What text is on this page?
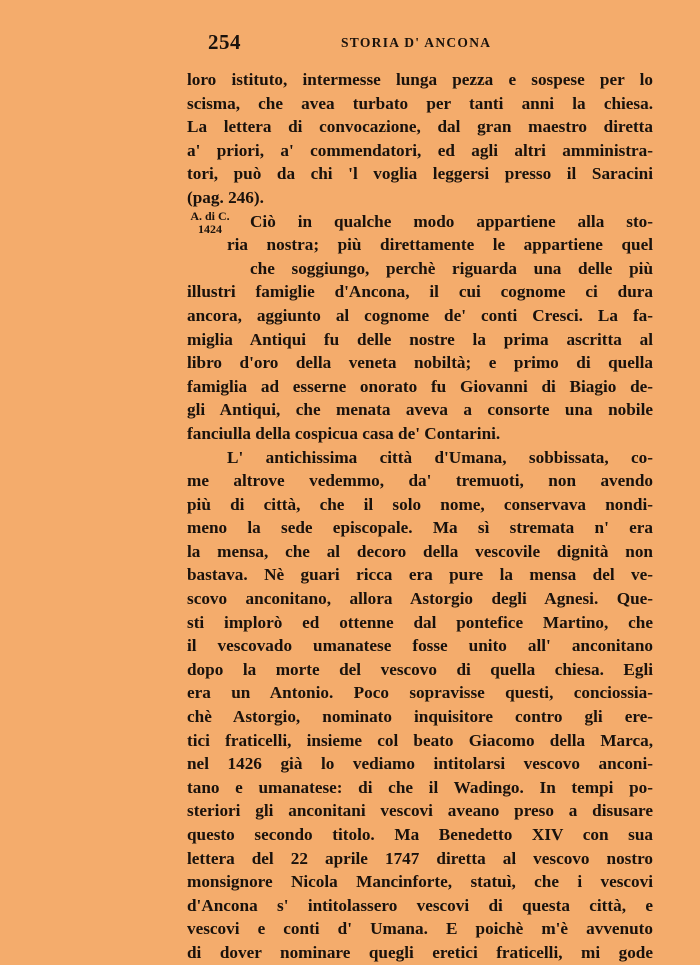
254	STORIA D' ANCONA
A. di C.
1424
loro istituto, intermesse lunga pezza e sospese per lo
scisma, che avea turbato per tanti anni la chiesa.
La lettera di convocazione, dal gran maestro diretta
a' priori, a' commendatori, ed agli altri amministra-
tori, può da chi 'l voglia leggersi presso il Saracini
(pag. 246).
Ciò in qualche modo appartiene alla sto-
ria nostra; più direttamente le appartiene quel
che soggiungo, perchè riguarda una delle più
illustri famiglie d'Ancona, il cui cognome ci dura
ancora, aggiunto al cognome de' conti Cresci. La fa-
miglia Antiqui fu delle nostre la prima ascritta al
libro d'oro della veneta nobiltà; e primo di quella
famiglia ad esserne onorato fu Giovanni di Biagio de-
gli Antiqui, che menata aveva a consorte una nobile
fanciulla della cospicua casa de' Contarini.
L' antichissima città d'Umana, sobbissata, co-
me altrove vedemmo, da' tremuoti, non avendo
più di città, che il solo nome, conservava nondi-
meno la sede episcopale. Ma sì stremata n' era
la mensa, che al decoro della vescovile dignità non
bastava. Nè guari ricca era pure la mensa del ve-
scovo anconitano, allora Astorgio degli Agnesi. Que-
sti implorò ed ottenne dal pontefice Martino, che
il vescovado umanatese fosse unito all' anconitano
dopo la morte del vescovo di quella chiesa. Egli
era un Antonio. Poco sopravisse questi, conciossia-
chè Astorgio, nominato inquisitore contro gli ere-
tici fraticelli, insieme col beato Giacomo della Marca,
nel 1426 già lo vediamo intitolarsi vescovo anconi-
tano e umanatese: di che il Wadingo. In tempi po-
steriori gli anconitani vescovi aveano preso a disusare
questo secondo titolo. Ma Benedetto XIV con sua
lettera del 22 aprile 1747 diretta al vescovo nostro
monsignore Nicola Mancinforte, statuì, che i vescovi
d'Ancona s' intitolassero vescovi di questa città, e
vescovi e conti d' Umana. E poichè m'è avvenuto
di dover nominare quegli eretici fraticelli, mi gode
